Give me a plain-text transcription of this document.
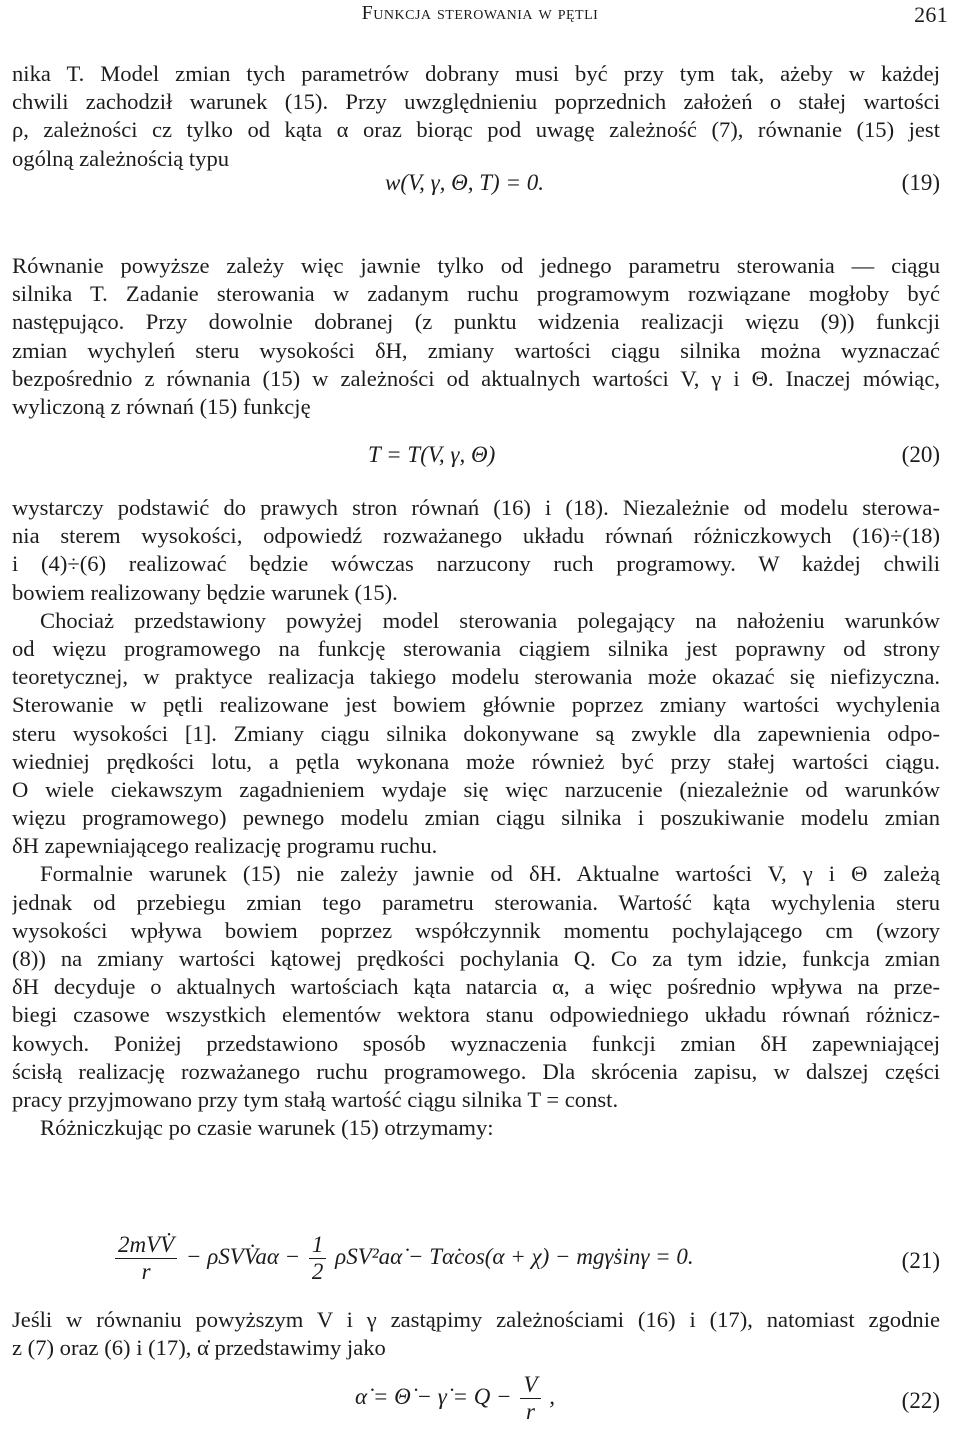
Funkcja sterowania w pętli	261
nika T. Model zmian tych parametrów dobrany musi być przy tym tak, ażeby w każdej
chwili zachodził warunek (15). Przy uwzględnieniu poprzednich założeń o stałej wartości
ρ, zależności cz tylko od kąta α oraz biorąc pod uwagę zależność (7), równanie (15) jest
ogólną zależnością typu
w(V, γ, Θ, T) = 0.	(19)
Równanie powyższe zależy więc jawnie tylko od jednego parametru sterowania — ciągu
silnika T. Zadanie sterowania w zadanym ruchu programowym rozwiązane mogłoby być
następująco. Przy dowolnie dobranej (z punktu widzenia realizacji więzu (9)) funkcji
zmian wychyleń steru wysokości δH, zmiany wartości ciągu silnika można wyznaczać
bezpośrednio z równania (15) w zależności od aktualnych wartości V, γ i Θ. Inaczej mówiąc,
wyliczoną z równań (15) funkcję
T = T(V, γ, Θ)	(20)
wystarczy podstawić do prawych stron równań (16) i (18). Niezależnie od modelu sterowa-
nia sterem wysokości, odpowiedź rozważanego układu równań różniczkowych (16)÷(18)
i (4)÷(6) realizować będzie wówczas narzucony ruch programowy. W każdej chwili
bowiem realizowany będzie warunek (15).
Chociaż przedstawiony powyżej model sterowania polegający na nałożeniu warunków
od więzu programowego na funkcję sterowania ciągiem silnika jest poprawny od strony
teoretycznej, w praktyce realizacja takiego modelu sterowania może okazać się niefizyczna.
Sterowanie w pętli realizowane jest bowiem głównie poprzez zmiany wartości wychylenia
steru wysokości [1]. Zmiany ciągu silnika dokonywane są zwykle dla zapewnienia odpo-
wiedniej prędkości lotu, a pętla wykonana może również być przy stałej wartości ciągu.
O wiele ciekawszym zagadnieniem wydaje się więc narzucenie (niezależnie od warunków
więzu programowego) pewnego modelu zmian ciągu silnika i poszukiwanie modelu zmian
δH zapewniającego realizację programu ruchu.
Formalnie warunek (15) nie zależy jawnie od δH. Aktualne wartości V, γ i Θ zależą
jednak od przebiegu zmian tego parametru sterowania. Wartość kąta wychylenia steru
wysokości wpływa bowiem poprzez współczynnik momentu pochylającego cm (wzory
(8)) na zmiany wartości kątowej prędkości pochylania Q. Co za tym idzie, funkcja zmian
δH decyduje o aktualnych wartościach kąta natarcia α, a więc pośrednio wpływa na prze-
biegi czasowe wszystkich elementów wektora stanu odpowiedniego układu równań różnicz-
kowych. Poniżej przedstawiono sposób wyznaczenia funkcji zmian δH zapewniającej
ścisłą realizację rozważanego ruchu programowego. Dla skrócenia zapisu, w dalszej części
pracy przyjmowano przy tym stałą wartość ciągu silnika T = const.
Różniczkując po czasie warunek (15) otrzymamy:
$\frac{\text{2mVV̇}}{r}$ − ρSVV̇aα − $\frac{1}{2}$ ρSV²aα̇ − Tα̇cos(α + χ) − mgγ̇sinγ = 0.	(21)
Jeśli w równaniu powyższym V i γ zastąpimy zależnościami (16) i (17), natomiast zgodnie
z (7) oraz (6) i (17), α̇ przedstawimy jako
α̇ = Θ̇ − γ̇ = $Q - \frac{V}{r}$ ,	(22)
